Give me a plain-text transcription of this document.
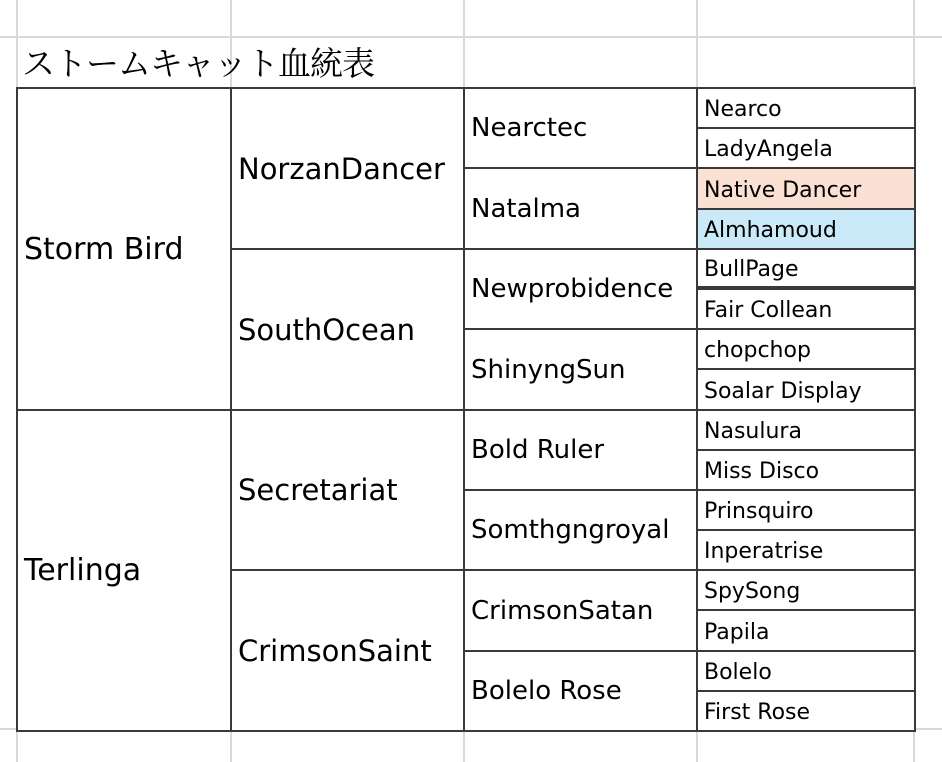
ストームキャット血統表
Storm Bird
Terlinga
NorzanDancer
SouthOcean
Secretariat
CrimsonSaint
Nearctec
Natalma
Newprobidence
ShinyngSun
Bold Ruler
Somthgngroyal
CrimsonSatan
Bolelo Rose
Nearco
LadyAngela
Native Dancer
Almhamoud
BullPage
Fair Collean
chopchop
Soalar Display
Nasulura
Miss Disco
Prinsquiro
Inperatrise
SpySong
Papila
Bolelo
First Rose
